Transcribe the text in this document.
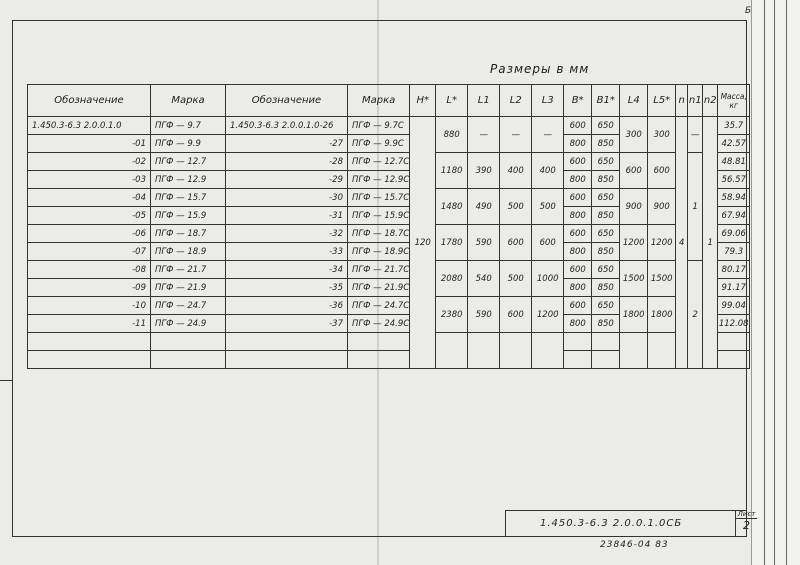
Б
Размеры в мм
Обозначение	Марка	Обозначение	Марка	H*	L*	L1	L2	L3	B*	B1*	L4	L5*	n	n1	n2	Масса, кг
1.450.3-6.3 2.0.0.1.0	ПГФ — 9.7	1.450.3-6.3 2.0.0.1.0-26	ПГФ — 9.7С	120	880	—	—	—	600	650	300	300	4	—	1	35.7
-01	ПГФ — 9.9	-27	ПГФ — 9.9С						800	850						42.57
-02	ПГФ — 12.7	-28	ПГФ — 12.7С		1180	390	400	400	600	650	600	600		1		48.81
-03	ПГФ — 12.9	-29	ПГФ — 12.9С						800	850						56.57
-04	ПГФ — 15.7	-30	ПГФ — 15.7С		1480	490	500	500	600	650	900	900				58.94
-05	ПГФ — 15.9	-31	ПГФ — 15.9С						800	850						67.94
-06	ПГФ — 18.7	-32	ПГФ — 18.7С		1780	590	600	600	600	650	1200	1200				69.06
-07	ПГФ — 18.9	-33	ПГФ — 18.9С						800	850						79.3
-08	ПГФ — 21.7	-34	ПГФ — 21.7С		2080	540	500	1000	600	650	1500	1500		2		80.17
-09	ПГФ — 21.9	-35	ПГФ — 21.9С						800	850						91.17
-10	ПГФ — 24.7	-36	ПГФ — 24.7С		2380	590	600	1200	600	650	1800	1800				99.04
-11	ПГФ — 24.9	-37	ПГФ — 24.9С						800	850						112.08

1.450.3-6.3 2.0.0.1.0СБ
Лист
2
23846-04 83
